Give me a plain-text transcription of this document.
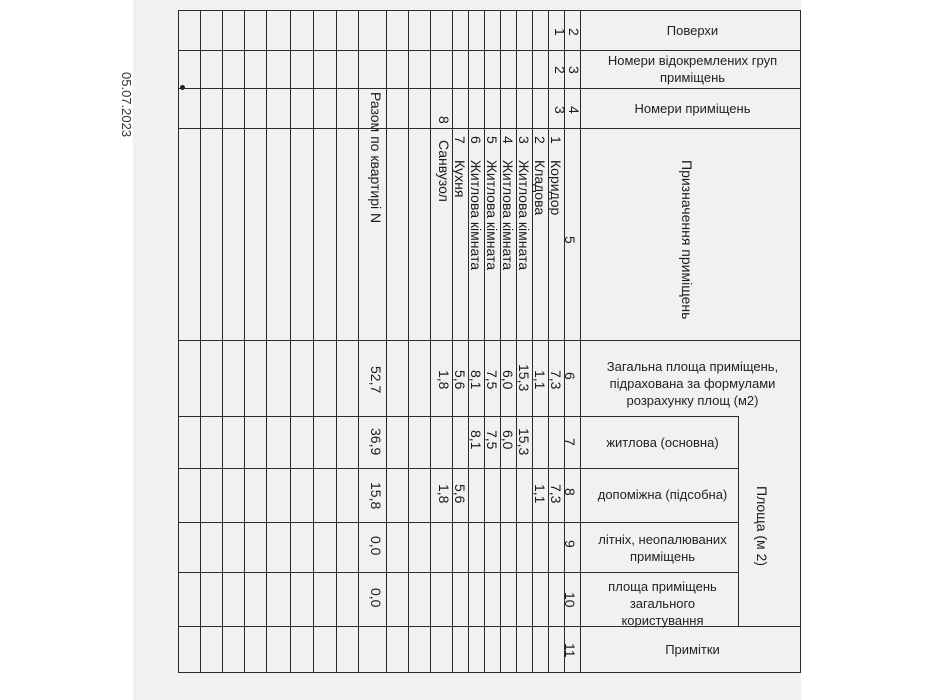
05.07.2023
Поверхи
Номери відокремлених груп приміщень
Номери приміщень
Загальна площа приміщень, підрахована за формулами розрахунку площ (м2)
житлова (основна)
допоміжна (підсобна)
літніх, неопалюваних приміщень
площа приміщень загального користування
Примітки
Призначення приміщень
Площа (м 2)
2
1
3
2
4
3
5
6
7
8
9
10
11
1
Коридор
7,3
7,3
2
Кладова
1,1
1,1
3
Житлова кімната
15,3
15,3
4
Житлова кімната
6,0
6,0
5
Житлова кімната
7,5
7,5
6
Житлова кімната
8,1
8,1
7
Кухня
5,6
5,6
8
Санвузол
1,8
1,8
Разом по квартирі N
52,7
36,9
15,8
0,0
0,0
